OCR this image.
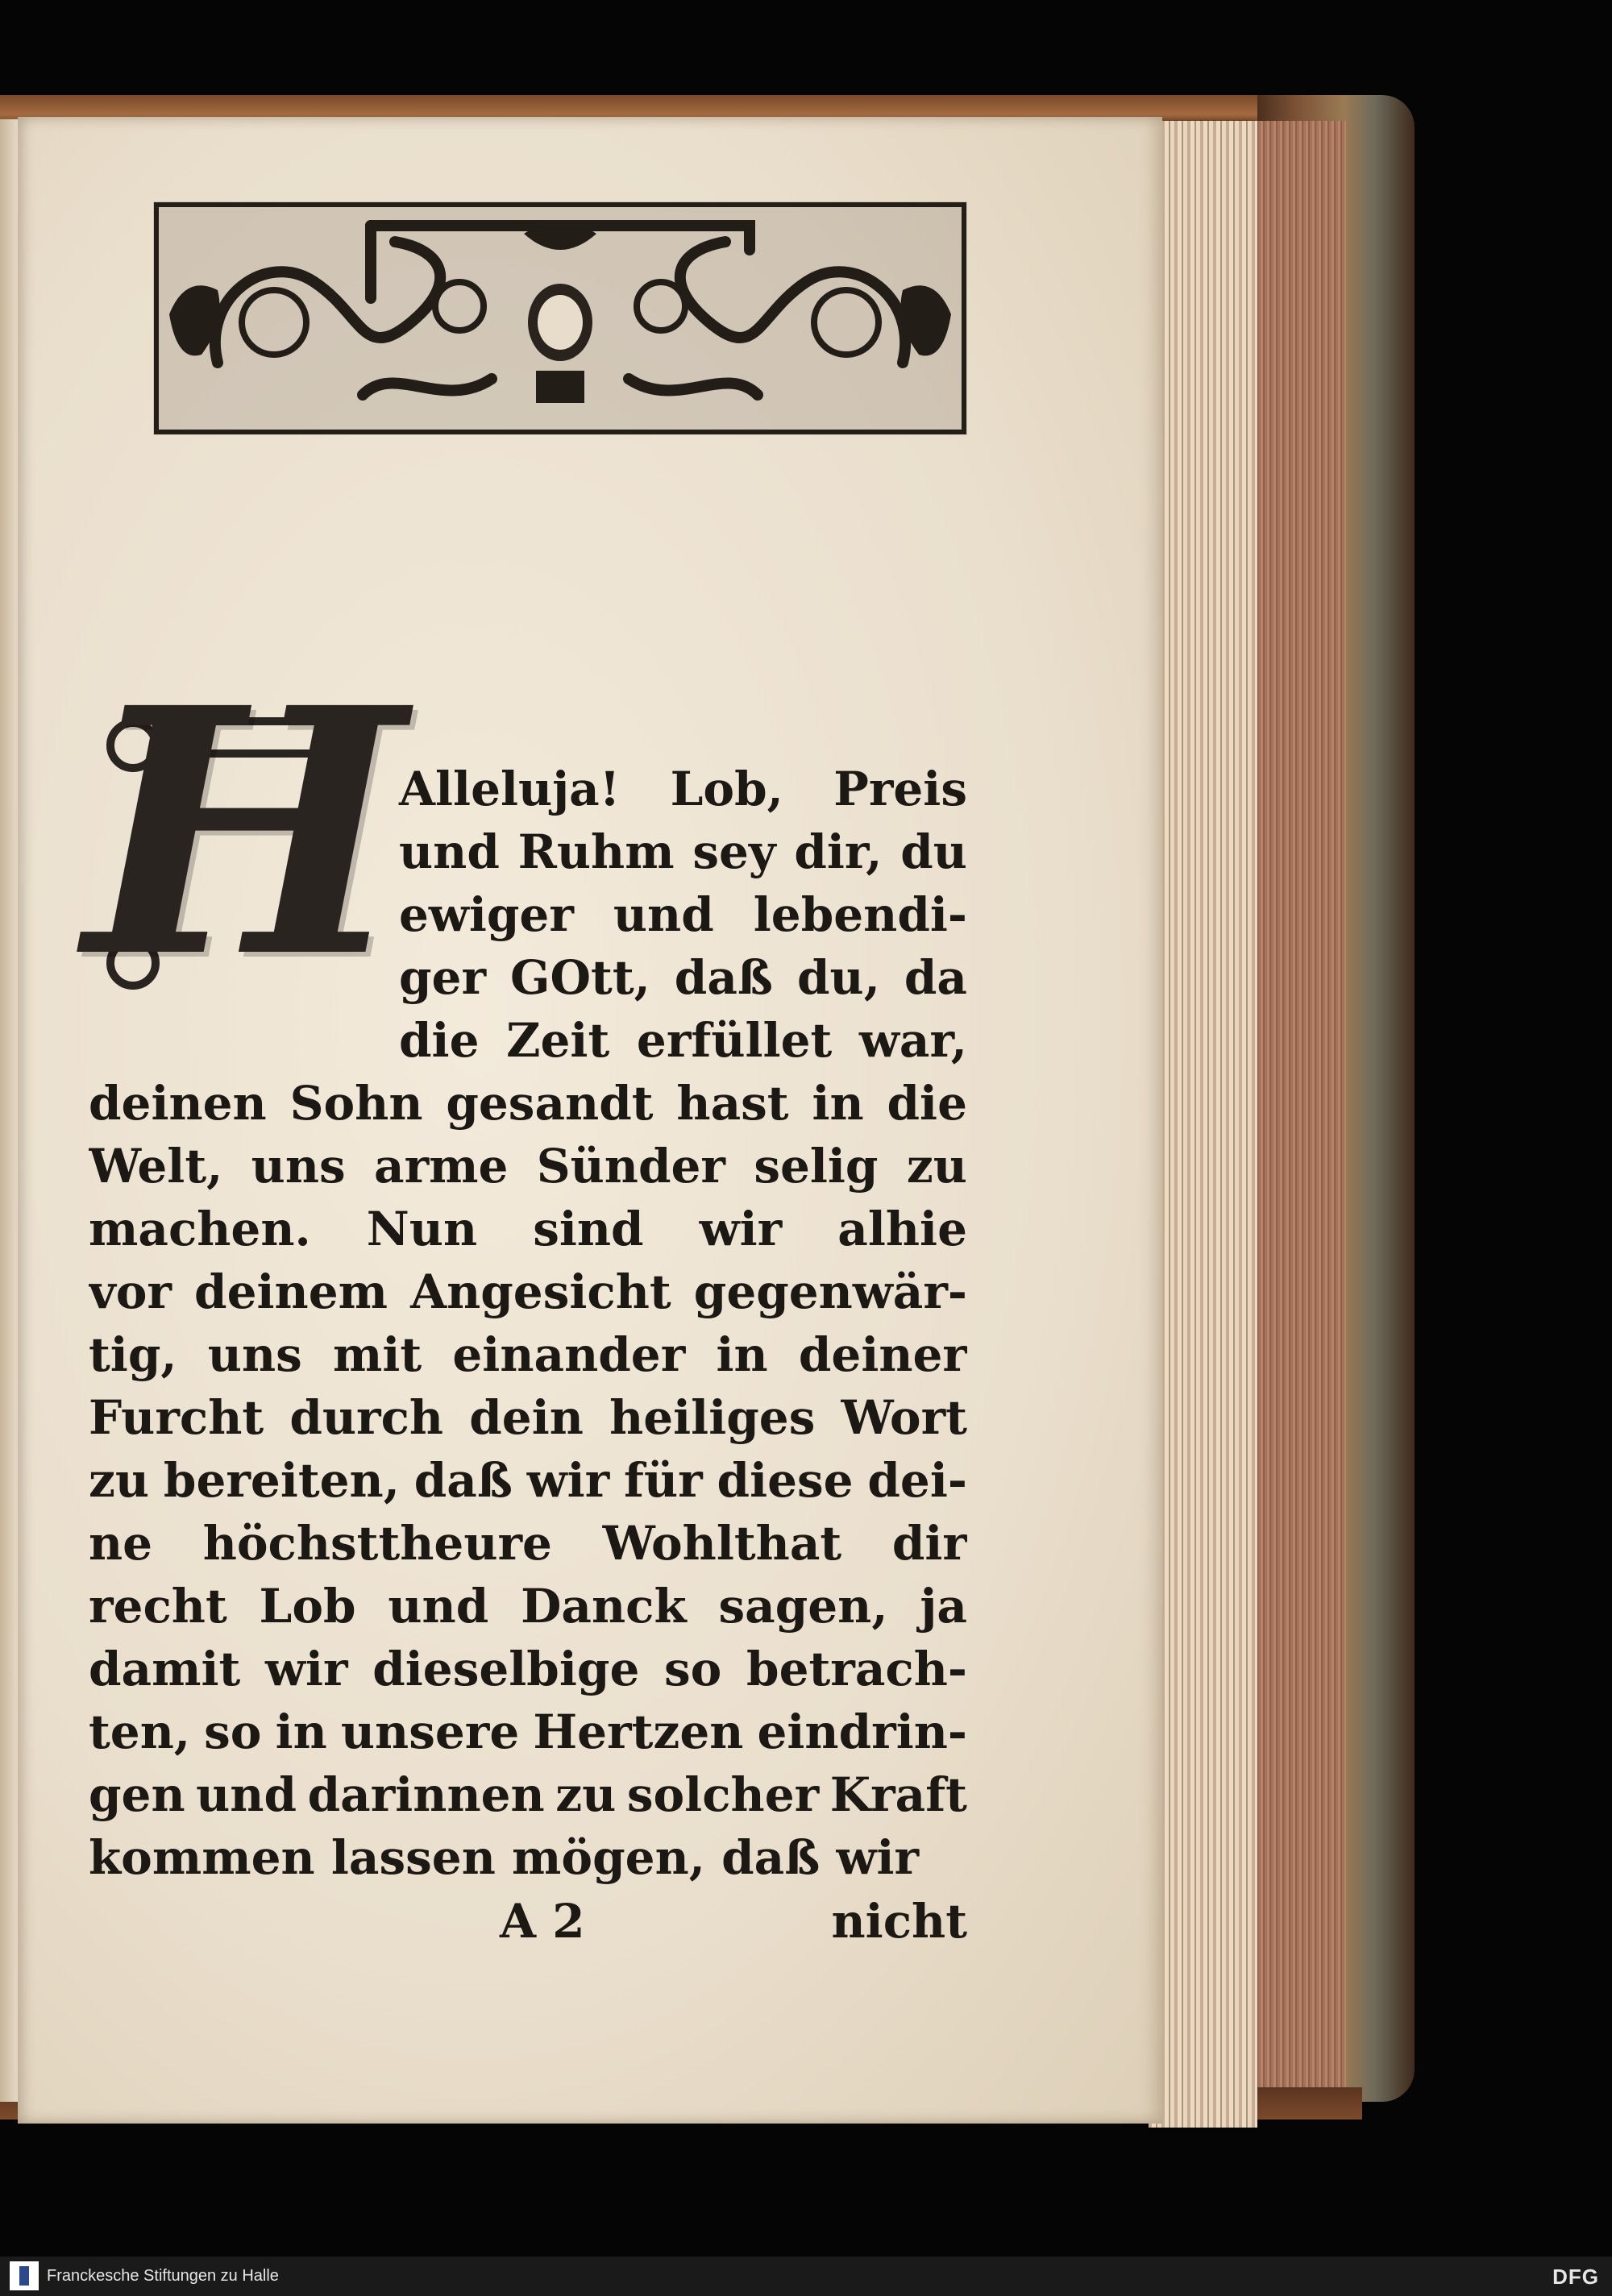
H
Alleluja! Lob, Preis
und Ruhm sey dir, du
ewiger und lebendi-
ger GOtt, daß du, da
die Zeit erfüllet war,
deinen Sohn gesandt hast in die
Welt, uns arme Sünder selig zu
machen. Nun sind wir alhie
vor deinem Angesicht gegenwär-
tig, uns mit einander in deiner
Furcht durch dein heiliges Wort
zu bereiten, daß wir für diese dei-
ne höchsttheure Wohlthat dir
recht Lob und Danck sagen, ja
damit wir dieselbige so betrach-
ten, so in unsere Hertzen eindrin-
gen und darinnen zu solcher Kraft
kommen lassen mögen, daß wir
A 2	nicht
Franckesche Stiftungen zu Halle	DFG
